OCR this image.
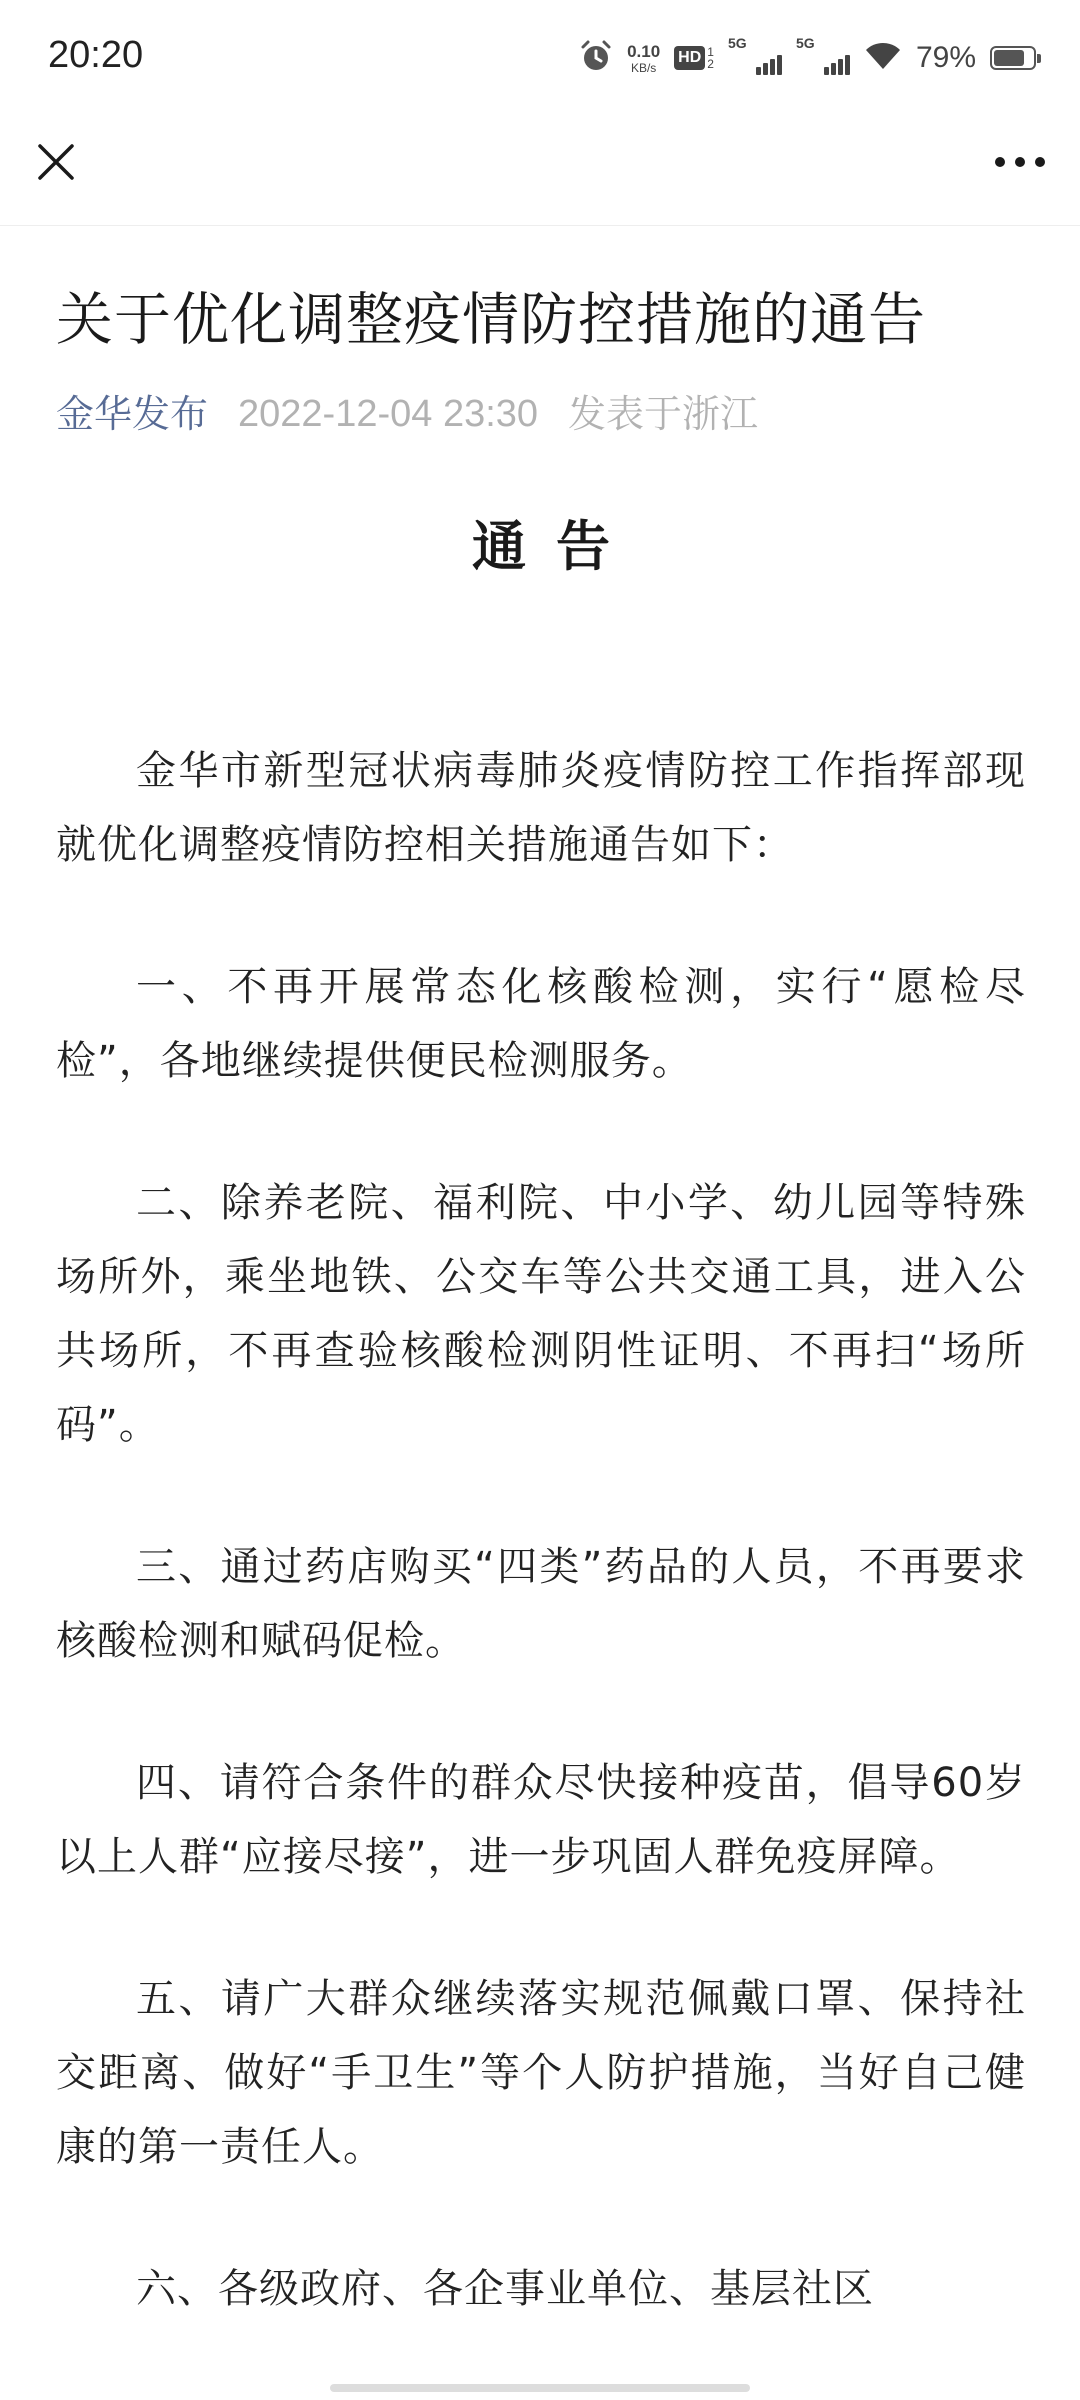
20:20	0.10
KB/s
HD 1
2
5G	5G	79%
关于优化调整疫情防控措施的通告
金华发布 2022-12-04 23:30 发表于浙江
通告

金华市新型冠状病毒肺炎疫情防控工作指挥部现就优化调整疫情防控相关措施通告如下：

一、不再开展常态化核酸检测，实行“愿检尽检”，各地继续提供便民检测服务。

二、除养老院、福利院、中小学、幼儿园等特殊场所外，乘坐地铁、公交车等公共交通工具，进入公共场所，不再查验核酸检测阴性证明、不再扫“场所码”。

三、通过药店购买“四类”药品的人员，不再要求核酸检测和赋码促检。

四、请符合条件的群众尽快接种疫苗，倡导60岁以上人群“应接尽接”，进一步巩固人群免疫屏障。

五、请广大群众继续落实规范佩戴口罩、保持社交距离、做好“手卫生”等个人防护措施，当好自己健康的第一责任人。

六、各级政府、各企事业单位、基层社区
